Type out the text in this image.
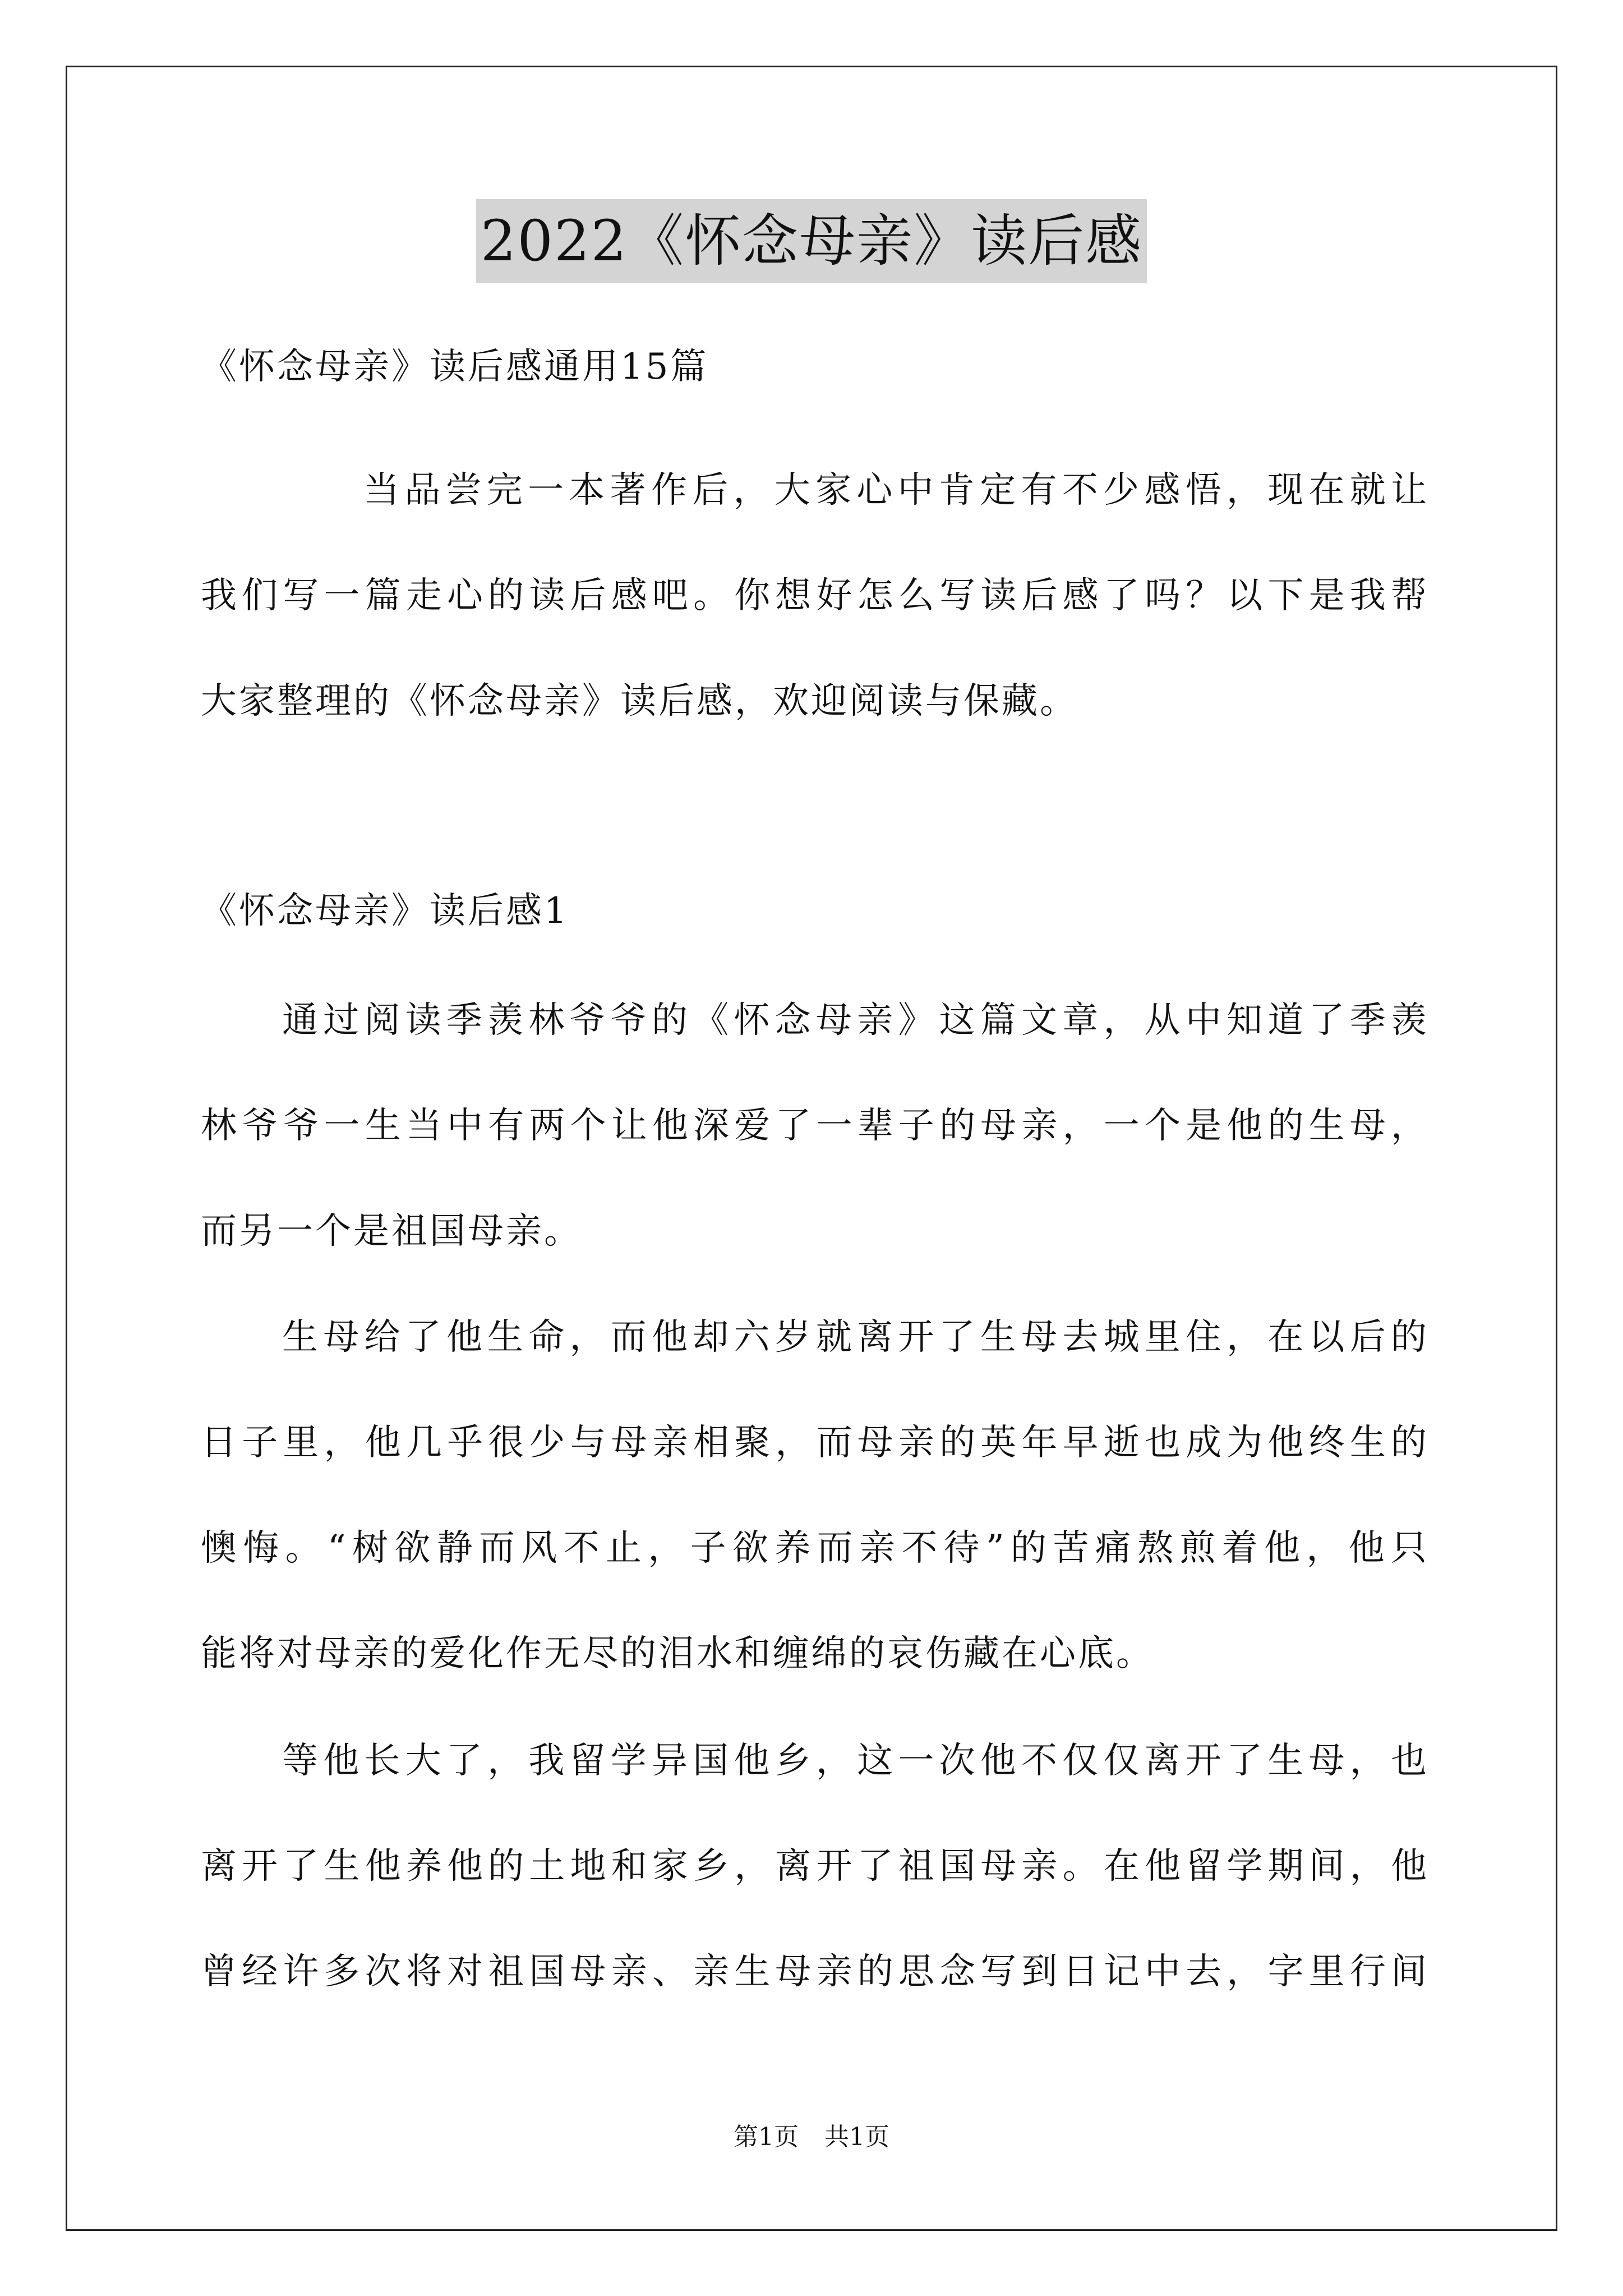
2022《怀念母亲》读后感
《怀念母亲》读后感通用15篇
当品尝完一本著作后，大家心中肯定有不少感悟，现在就让
我们写一篇走心的读后感吧。你想好怎么写读后感了吗？以下是我帮
大家整理的《怀念母亲》读后感，欢迎阅读与保藏。
《怀念母亲》读后感1
通过阅读季羡林爷爷的《怀念母亲》这篇文章，从中知道了季羡
林爷爷一生当中有两个让他深爱了一辈子的母亲，一个是他的生母，
而另一个是祖国母亲。
生母给了他生命，而他却六岁就离开了生母去城里住，在以后的
日子里，他几乎很少与母亲相聚，而母亲的英年早逝也成为他终生的
懊悔。“树欲静而风不止，子欲养而亲不待”的苦痛熬煎着他，他只
能将对母亲的爱化作无尽的泪水和缠绵的哀伤藏在心底。
等他长大了，我留学异国他乡，这一次他不仅仅离开了生母，也
离开了生他养他的土地和家乡，离开了祖国母亲。在他留学期间，他
曾经许多次将对祖国母亲、亲生母亲的思念写到日记中去，字里行间
第1页 共1页
